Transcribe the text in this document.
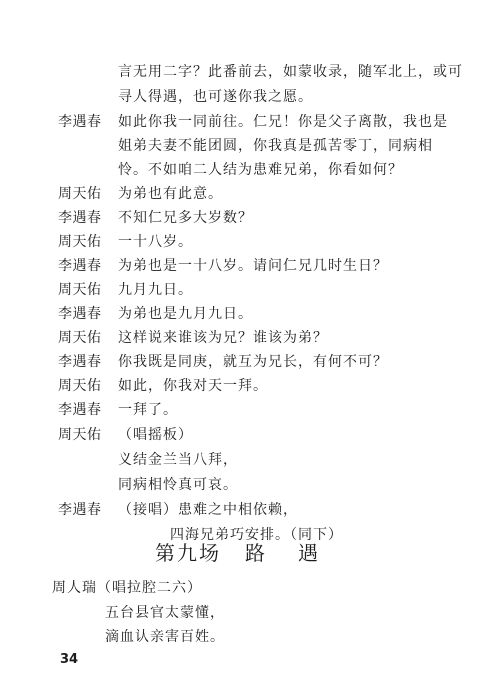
言无用二字？此番前去，如蒙收录，随军北上，或可
寻人得遇，也可遂你我之愿。
李遇春 如此你我一同前往。仁兄！你是父子离散，我也是
姐弟夫妻不能团圆，你我真是孤苦零丁，同病相
怜。不如咱二人结为患难兄弟，你看如何？
周天佑 为弟也有此意。
李遇春 不知仁兄多大岁数？
周天佑 一十八岁。
李遇春 为弟也是一十八岁。请问仁兄几时生日？
周天佑 九月九日。
李遇春 为弟也是九月九日。
周天佑 这样说来谁该为兄？谁该为弟？
李遇春 你我既是同庚，就互为兄长，有何不可？
周天佑 如此，你我对天一拜。
李遇春 一拜了。
周天佑 （唱摇板）
义结金兰当八拜，
同病相怜真可哀。
李遇春 （接唱）患难之中相依赖，
四海兄弟巧安排。（同下）
第九场 路 遇
周人瑞（唱拉腔二六）
五台县官太蒙懂，
滴血认亲害百姓。
34
